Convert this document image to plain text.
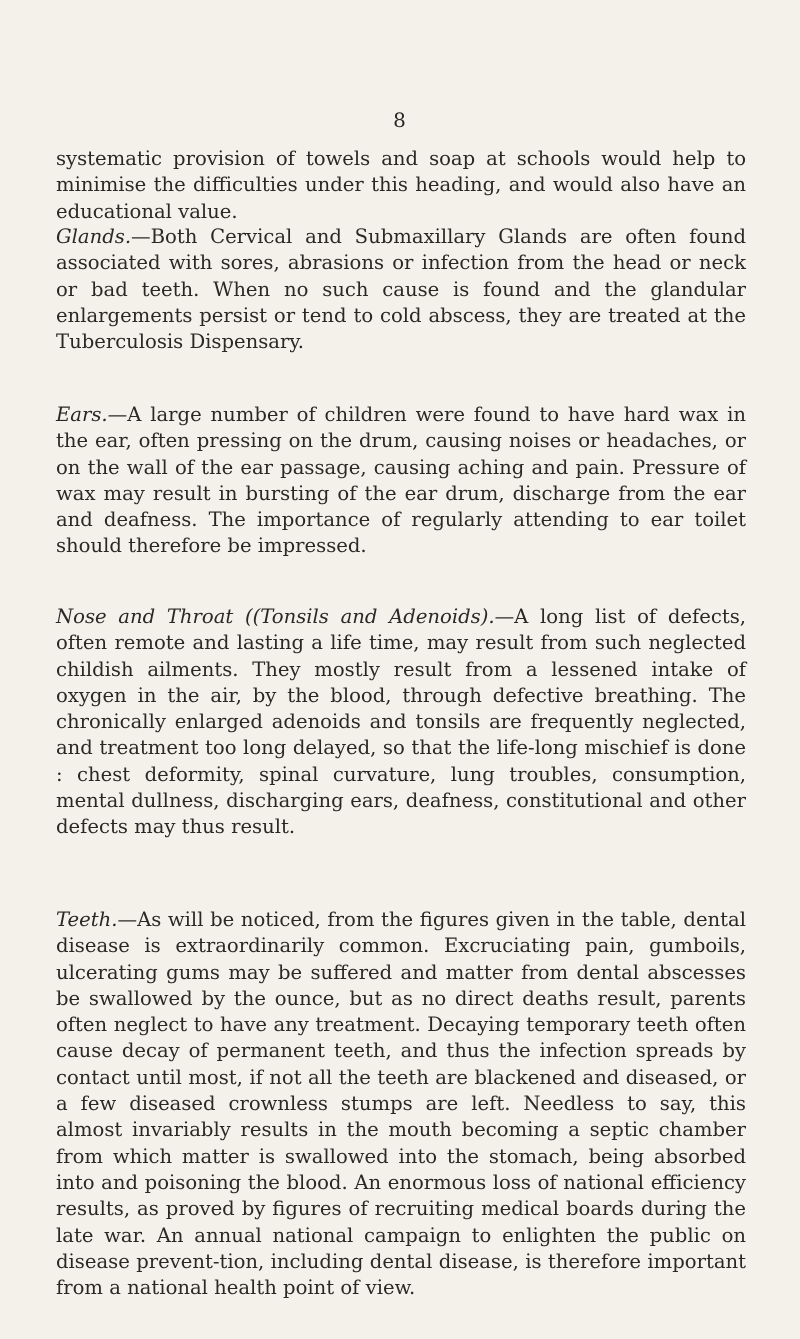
8

systematic provision of towels and soap at schools would help to minimise the difficulties under this heading, and would also have an educational value.

Glands.—Both Cervical and Submaxillary Glands are often found associated with sores, abrasions or infection from the head or neck or bad teeth. When no such cause is found and the glandular enlargements persist or tend to cold abscess, they are treated at the Tuberculosis Dispensary.

Ears.—A large number of children were found to have hard wax in the ear, often pressing on the drum, causing noises or headaches, or on the wall of the ear passage, causing aching and pain. Pressure of wax may result in bursting of the ear drum, discharge from the ear and deafness. The importance of regularly attending to ear toilet should therefore be impressed.

Nose and Throat ((Tonsils and Adenoids).—A long list of defects, often remote and lasting a life time, may result from such neglected childish ailments. They mostly result from a lessened intake of oxygen in the air, by the blood, through defective breathing. The chronically enlarged adenoids and tonsils are frequently neglected, and treatment too long delayed, so that the life-long mischief is done : chest deformity, spinal curvature, lung troubles, consumption, mental dullness, discharging ears, deafness, constitutional and other defects may thus result.

Teeth.—As will be noticed, from the figures given in the table, dental disease is extraordinarily common. Excruciating pain, gumboils, ulcerating gums may be suffered and matter from dental abscesses be swallowed by the ounce, but as no direct deaths result, parents often neglect to have any treatment. Decaying temporary teeth often cause decay of permanent teeth, and thus the infection spreads by contact until most, if not all the teeth are blackened and diseased, or a few diseased crownless stumps are left. Needless to say, this almost invariably results in the mouth becoming a septic chamber from which matter is swallowed into the stomach, being absorbed into and poisoning the blood. An enormous loss of national efficiency results, as proved by figures of recruiting medical boards during the late war. An annual national campaign to enlighten the public on disease prevent-tion, including dental disease, is therefore important from a national health point of view.
